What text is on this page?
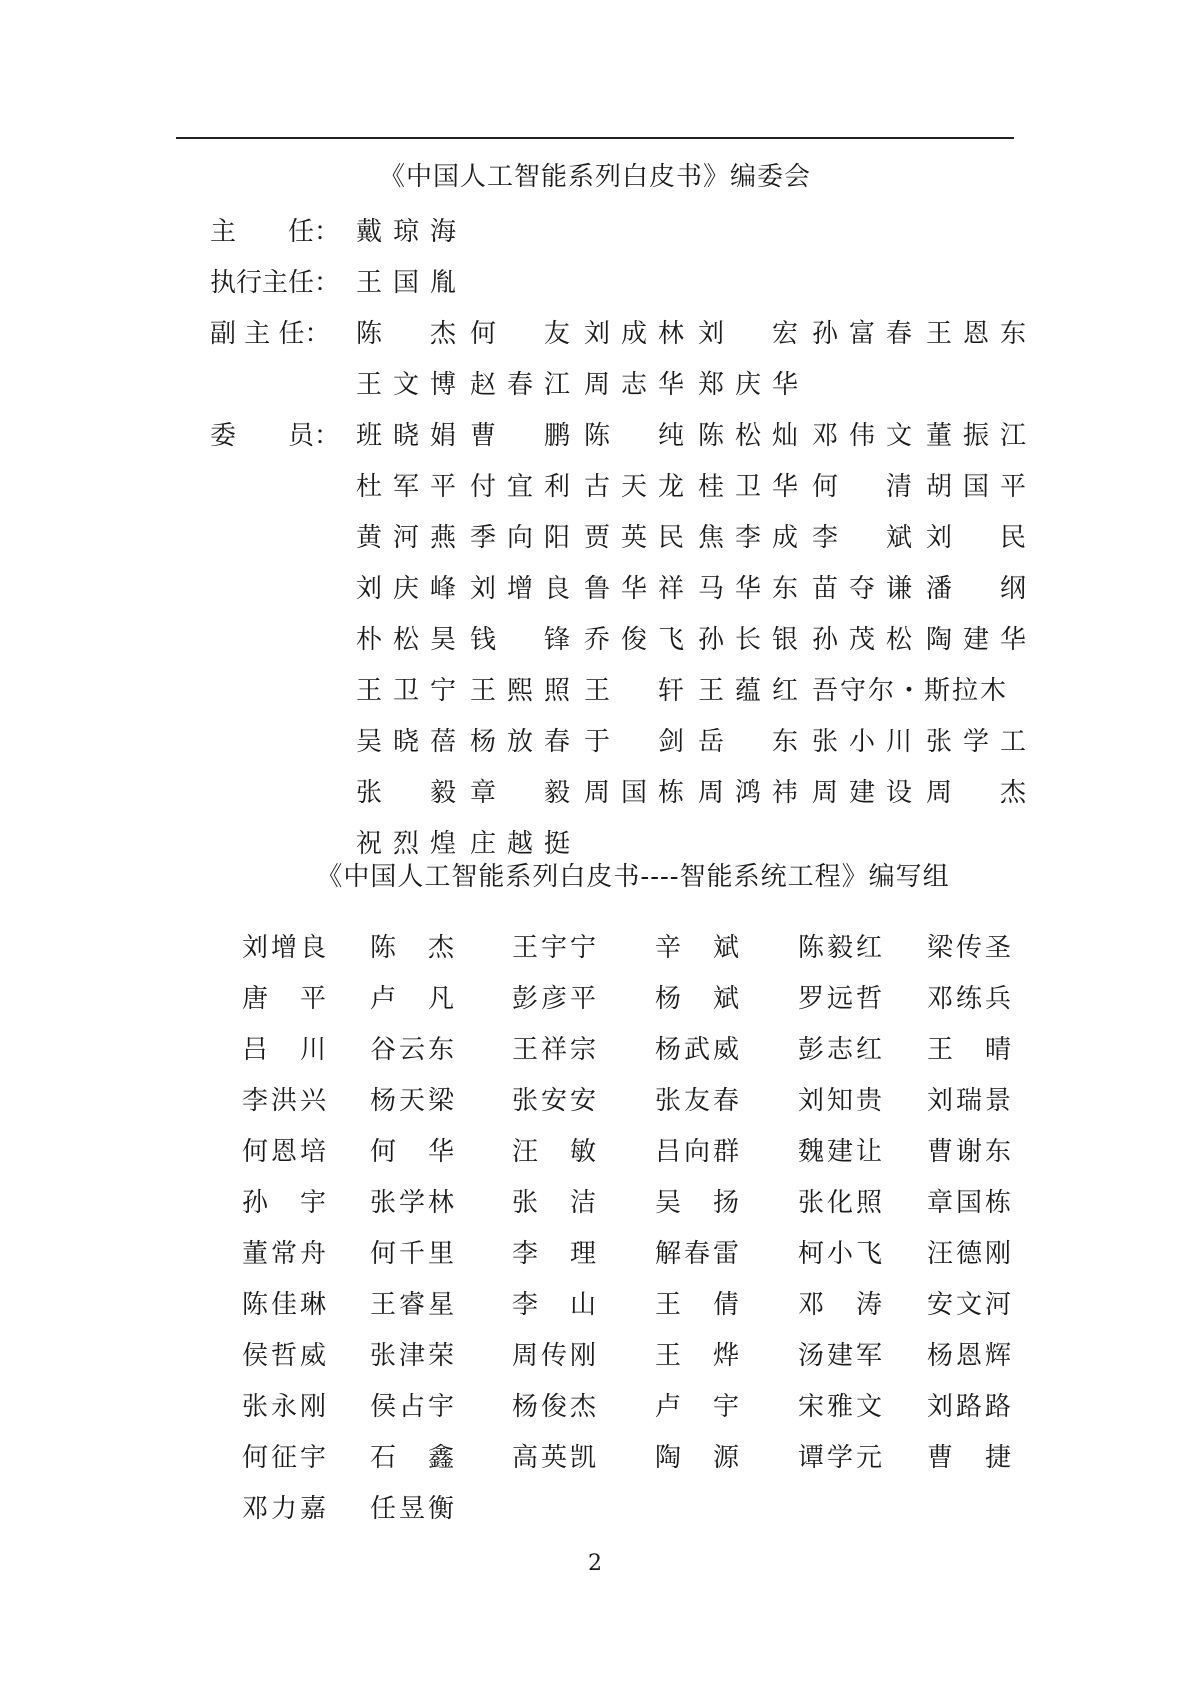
《中国人工智能系列白皮书》编委会
主　　任： 戴琼海
执行主任： 王国胤
副 主 任： 陈　杰 何　友 刘成林 刘　宏 孙富春 王恩东
王文博 赵春江 周志华 郑庆华
委　　员： 班晓娟 曹　鹏 陈　纯 陈松灿 邓伟文 董振江
杜军平 付宜利 古天龙 桂卫华 何　清 胡国平
黄河燕 季向阳 贾英民 焦李成 李　斌 刘　民
刘庆峰 刘增良 鲁华祥 马华东 苗夺谦 潘　纲
朴松昊 钱　锋 乔俊飞 孙长银 孙茂松 陶建华
王卫宁 王熙照 王　轩 王蕴红 吾守尔・斯拉木
吴晓蓓 杨放春 于　剑 岳　东 张小川 张学工
张　毅 章　毅 周国栋 周鸿祎 周建设 周　杰
祝烈煌 庄越挺
《中国人工智能系列白皮书----智能系统工程》编写组
刘增良 陈　杰 王宇宁 辛　斌 陈毅红 梁传圣
唐　平 卢　凡 彭彦平 杨　斌 罗远哲 邓练兵
吕　川 谷云东 王祥宗 杨武威 彭志红 王　晴
李洪兴 杨天梁 张安安 张友春 刘知贵 刘瑞景
何恩培 何　华 汪　敏 吕向群 魏建让 曹谢东
孙　宇 张学林 张　洁 吴　扬 张化照 章国栋
董常舟 何千里 李　理 解春雷 柯小飞 汪德刚
陈佳琳 王睿星 李　山 王　倩 邓　涛 安文河
侯哲威 张津荣 周传刚 王　烨 汤建军 杨恩辉
张永刚 侯占宇 杨俊杰 卢　宇 宋雅文 刘路路
何征宇 石　鑫 高英凯 陶　源 谭学元 曹　捷
邓力嘉 任昱衡
2
